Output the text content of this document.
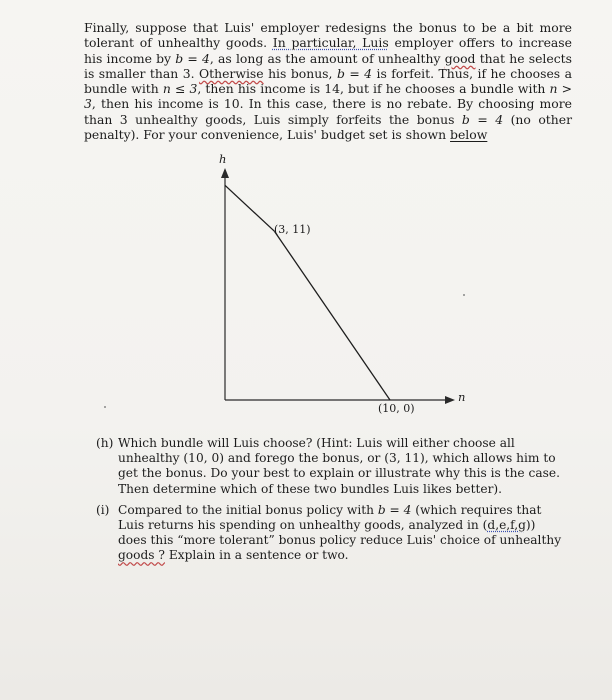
Finally, suppose that Luis' employer redesigns the bonus to be a bit more tolerant of unhealthy goods. In particular, Luis employer offers to increase his income by b = 4, as long as the amount of unhealthy good that he selects is smaller than 3. Otherwise his bonus, b = 4 is forfeit. Thus, if he chooses a bundle with n ≤ 3, then his income is 14, but if he chooses a bundle with n > 3, then his income is 10. In this case, there is no rebate. By choosing more than 3 unhealthy goods, Luis simply forfeits the bonus b = 4 (no other penalty). For your convenience, Luis' budget set is shown below

h
n
(3, 11)
(10, 0)
(h) Which bundle will Luis choose? (Hint: Luis will either choose all unhealthy (10, 0) and forego the bonus, or (3, 11), which allows him to get the bonus. Do your best to explain or illustrate why this is the case. Then determine which of these two bundles Luis likes better).
(i) Compared to the initial bonus policy with b = 4 (which requires that Luis returns his spending on unhealthy goods, analyzed in (d,e,f,g)) does this “more tolerant” bonus policy reduce Luis' choice of unhealthy goods ? Explain in a sentence or two.
